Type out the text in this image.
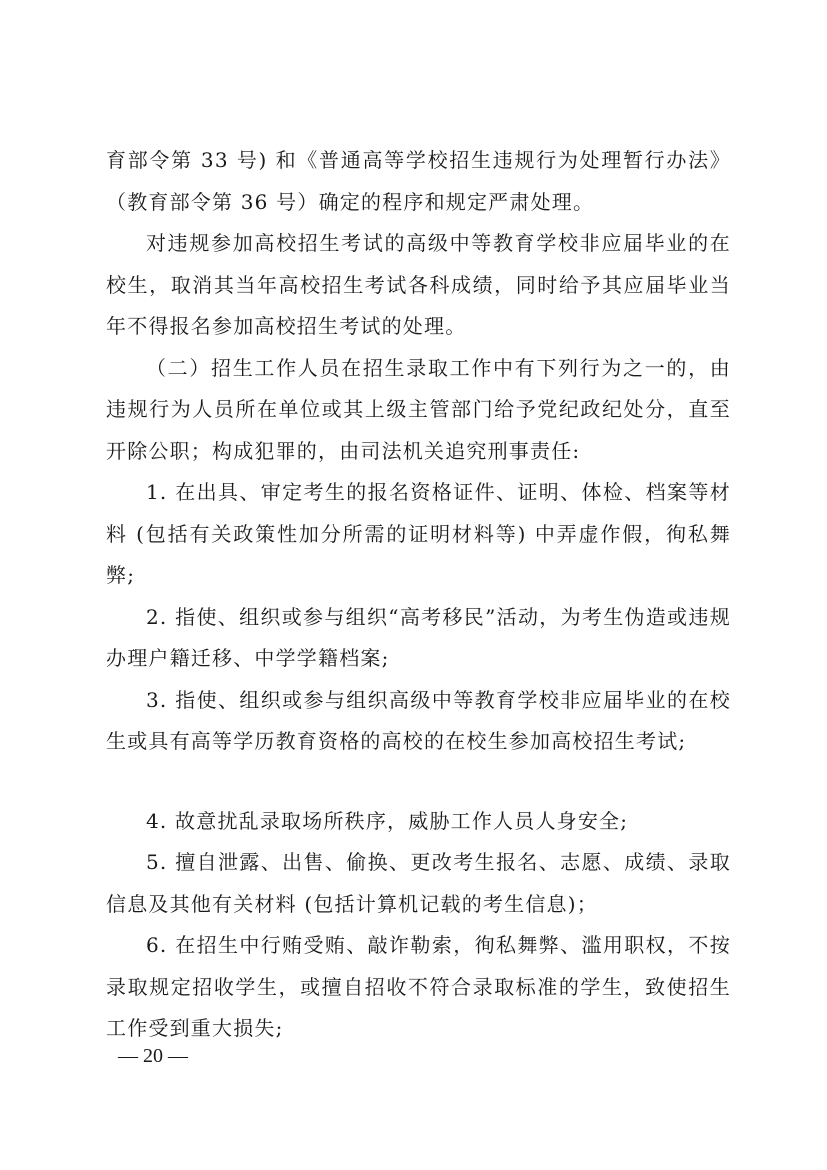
育部令第 33 号) 和《普通高等学校招生违规行为处理暂行办法》（教育部令第 36 号）确定的程序和规定严肃处理。

对违规参加高校招生考试的高级中等教育学校非应届毕业的在校生，取消其当年高校招生考试各科成绩，同时给予其应届毕业当年不得报名参加高校招生考试的处理。

（二）招生工作人员在招生录取工作中有下列行为之一的，由违规行为人员所在单位或其上级主管部门给予党纪政纪处分，直至开除公职；构成犯罪的，由司法机关追究刑事责任:

1. 在出具、审定考生的报名资格证件、证明、体检、档案等材料 (包括有关政策性加分所需的证明材料等) 中弄虚作假，徇私舞弊;

2. 指使、组织或参与组织“高考移民”活动，为考生伪造或违规办理户籍迁移、中学学籍档案;

3. 指使、组织或参与组织高级中等教育学校非应届毕业的在校生或具有高等学历教育资格的高校的在校生参加高校招生考试;

4. 故意扰乱录取场所秩序，威胁工作人员人身安全;

5. 擅自泄露、出售、偷换、更改考生报名、志愿、成绩、录取信息及其他有关材料 (包括计算机记载的考生信息)；

6. 在招生中行贿受贿、敲诈勒索，徇私舞弊、滥用职权，不按录取规定招收学生，或擅自招收不符合录取标准的学生，致使招生工作受到重大损失;

— 20 —
